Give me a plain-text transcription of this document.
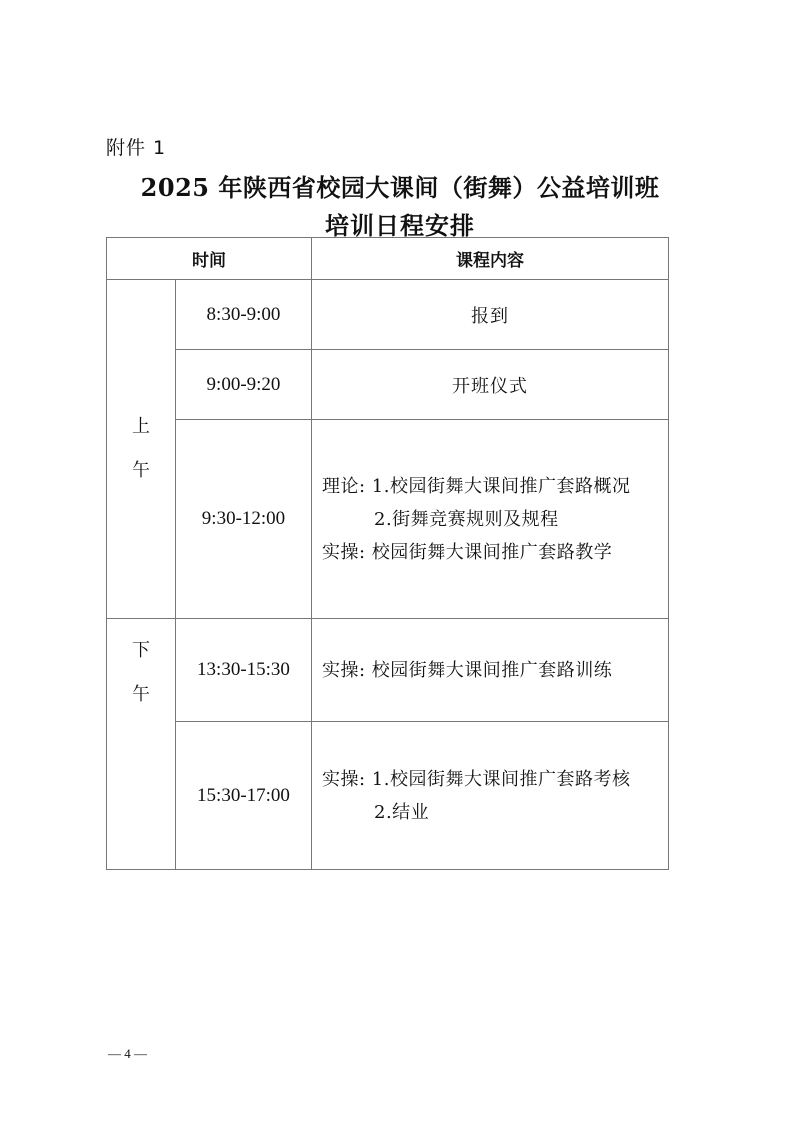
附件 1
2025 年陕西省校园大课间（街舞）公益培训班
培训日程安排
时间		课程内容

上
午	8:30-9:00	报到
	9:00-9:20	开班仪式
	9:30-12:00	理论: 1.校园街舞大课间推广套路概况
2.街舞竞赛规则及规程
实操: 校园街舞大课间推广套路教学

下
午	13:30-15:30	实操: 校园街舞大课间推广套路训练

	15:30-17:00	实操: 1.校园街舞大课间推广套路考核
2.结业
— 4 —
